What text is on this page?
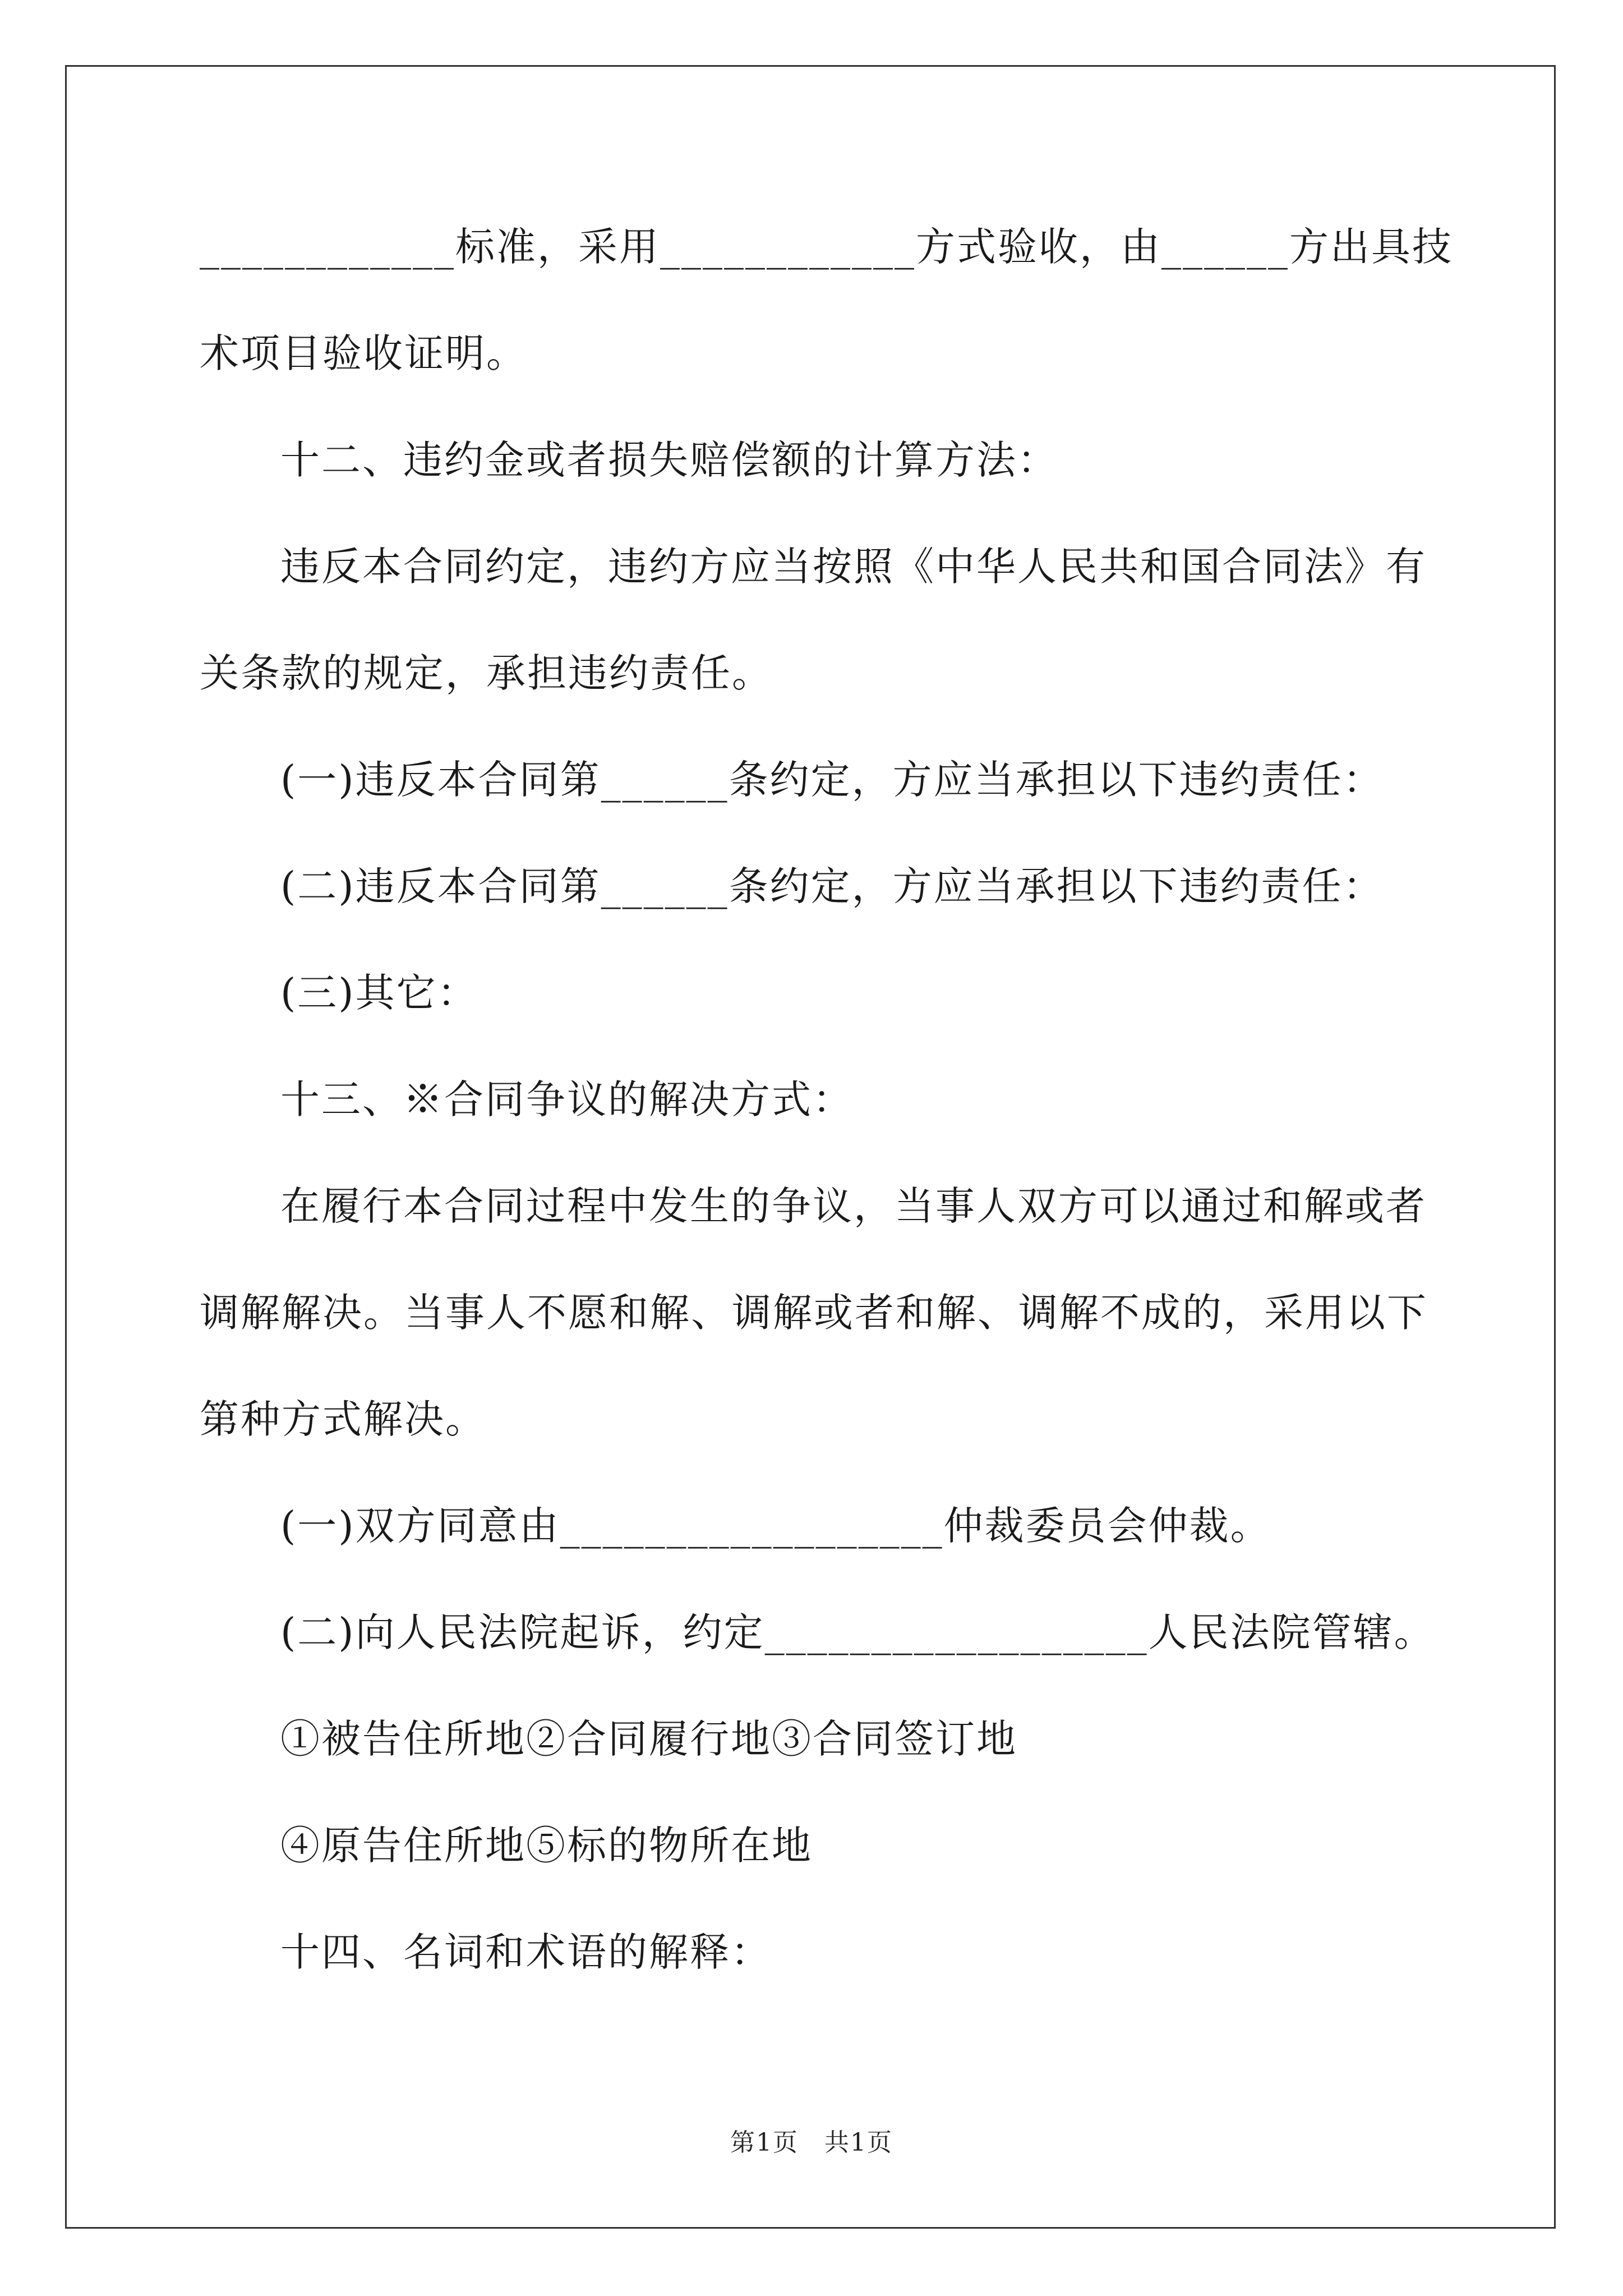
____________标准，采用____________方式验收，由______方出具技
术项目验收证明。
十二、违约金或者损失赔偿额的计算方法：
违反本合同约定，违约方应当按照《中华人民共和国合同法》有
关条款的规定，承担违约责任。
(一)违反本合同第______条约定，方应当承担以下违约责任：
(二)违反本合同第______条约定，方应当承担以下违约责任：
(三)其它：
十三、※合同争议的解决方式：
在履行本合同过程中发生的争议，当事人双方可以通过和解或者
调解解决。当事人不愿和解、调解或者和解、调解不成的，采用以下
第种方式解决。
(一)双方同意由__________________仲裁委员会仲裁。
(二)向人民法院起诉，约定__________________人民法院管辖。
①被告住所地②合同履行地③合同签订地
④原告住所地⑤标的物所在地
十四、名词和术语的解释：
第1页　共1页
